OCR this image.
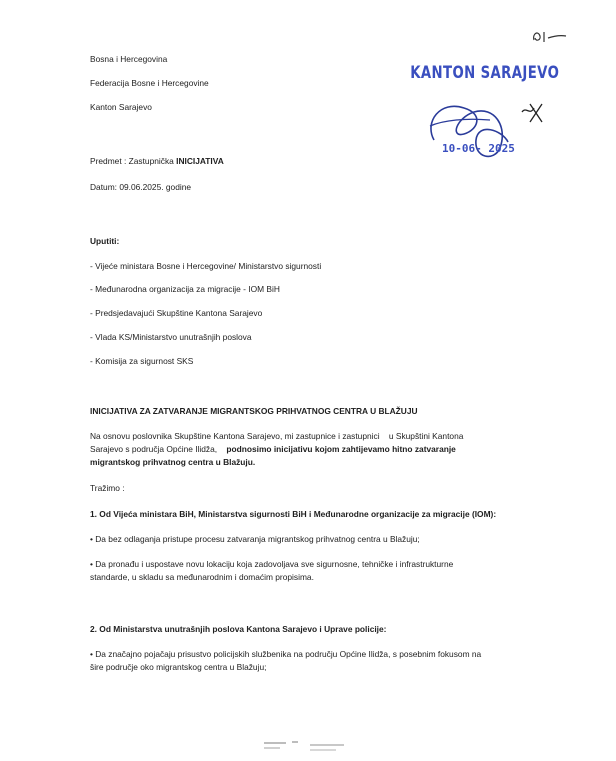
Bosna i Hercegovina
Federacija Bosne i Hercegovine
Kanton Sarajevo
Predmet : Zastupnička INICIJATIVA
Datum: 09.06.2025. godine
Uputiti:
- Vijeće ministara Bosne i Hercegovine/ Ministarstvo sigurnosti
- Međunarodna organizacija za migracije - IOM BiH
- Predsjedavajući Skupštine Kantona Sarajevo
- Vlada KS/Ministarstvo unutrašnjih poslova
- Komisija za sigurnost SKS
INICIJATIVA ZA ZATVARANJE MIGRANTSKOG PRIHVATNOG CENTRA U BLAŽUJU
Na osnovu poslovnika Skupštine Kantona Sarajevo, mi zastupnice i zastupnici u Skupštini Kantona
Sarajevo s područja Općine Ilidža, podnosimo inicijativu kojom zahtijevamo hitno zatvaranje
migrantskog prihvatnog centra u Blažuju.
Tražimo :
1. Od Vijeća ministara BiH, Ministarstva sigurnosti BiH i Međunarodne organizacije za migracije (IOM):
• Da bez odlaganja pristupe procesu zatvaranja migrantskog prihvatnog centra u Blažuju;
• Da pronađu i uspostave novu lokaciju koja zadovoljava sve sigurnosne, tehničke i infrastrukturne
standarde, u skladu sa međunarodnim i domaćim propisima.
2. Od Ministarstva unutrašnjih poslova Kantona Sarajevo i Uprave policije:
• Da značajno pojačaju prisustvo policijskih službenika na području Općine Ilidža, s posebnim fokusom na
šire područje oko migrantskog centra u Blažuju;
KANTON SARAJEVO
10-06- 2025
